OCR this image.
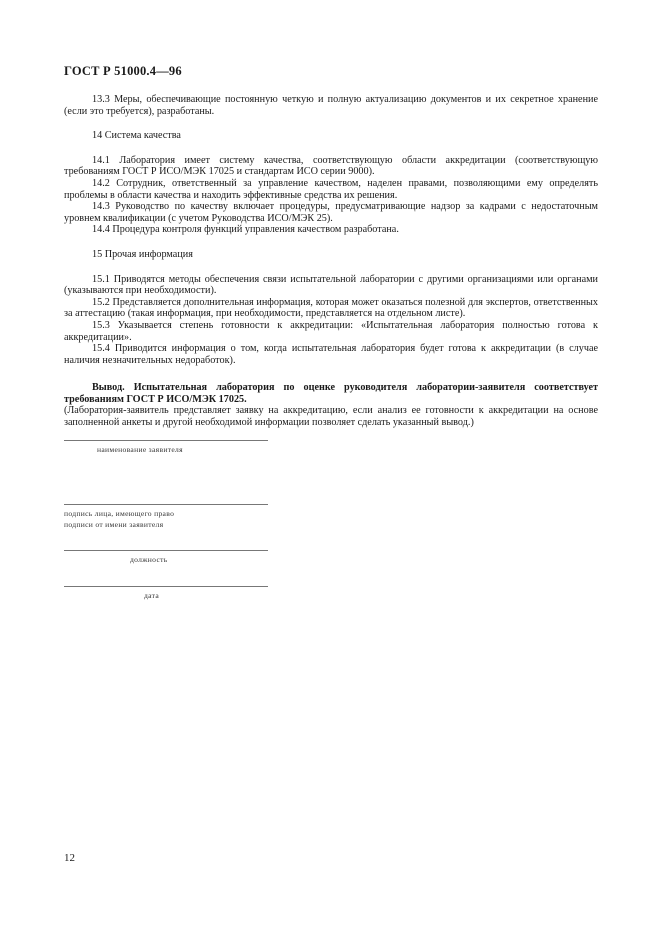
ГОСТ Р 51000.4—96

13.3 Меры, обеспечивающие постоянную четкую и полную актуализацию документов и их секретное хранение (если это требуется), разработаны.

14 Система качества

14.1 Лаборатория имеет систему качества, соответствующую области аккредитации (соответствующую требованиям ГОСТ Р ИСО/МЭК 17025 и стандартам ИСО серии 9000).

14.2 Сотрудник, ответственный за управление качеством, наделен правами, позволяющими ему определять проблемы в области качества и находить эффективные средства их решения.

14.3 Руководство по качеству включает процедуры, предусматривающие надзор за кадрами с недостаточным уровнем квалификации (с учетом Руководства ИСО/МЭК 25).

14.4 Процедура контроля функций управления качеством разработана.

15 Прочая информация

15.1 Приводятся методы обеспечения связи испытательной лаборатории с другими организациями или органами (указываются при необходимости).

15.2 Представляется дополнительная информация, которая может оказаться полезной для экспертов, ответственных за аттестацию (такая информация, при необходимости, представляется на отдельном листе).

15.3 Указывается степень готовности к аккредитации: «Испытательная лаборатория полностью готова к аккредитации».

15.4 Приводится информация о том, когда испытательная лаборатория будет готова к аккредитации (в случае наличия незначительных недоработок).

Вывод. Испытательная лаборатория по оценке руководителя лаборатории-заявителя соответствует требованиям ГОСТ Р ИСО/МЭК 17025.

(Лаборатория-заявитель представляет заявку на аккредитацию, если анализ ее готовности к аккредитации на основе заполненной анкеты и другой необходимой информации позволяет сделать указанный вывод.)

наименование заявителя
подпись лица, имеющего право
подписи от имени заявителя
должность
дата
12
